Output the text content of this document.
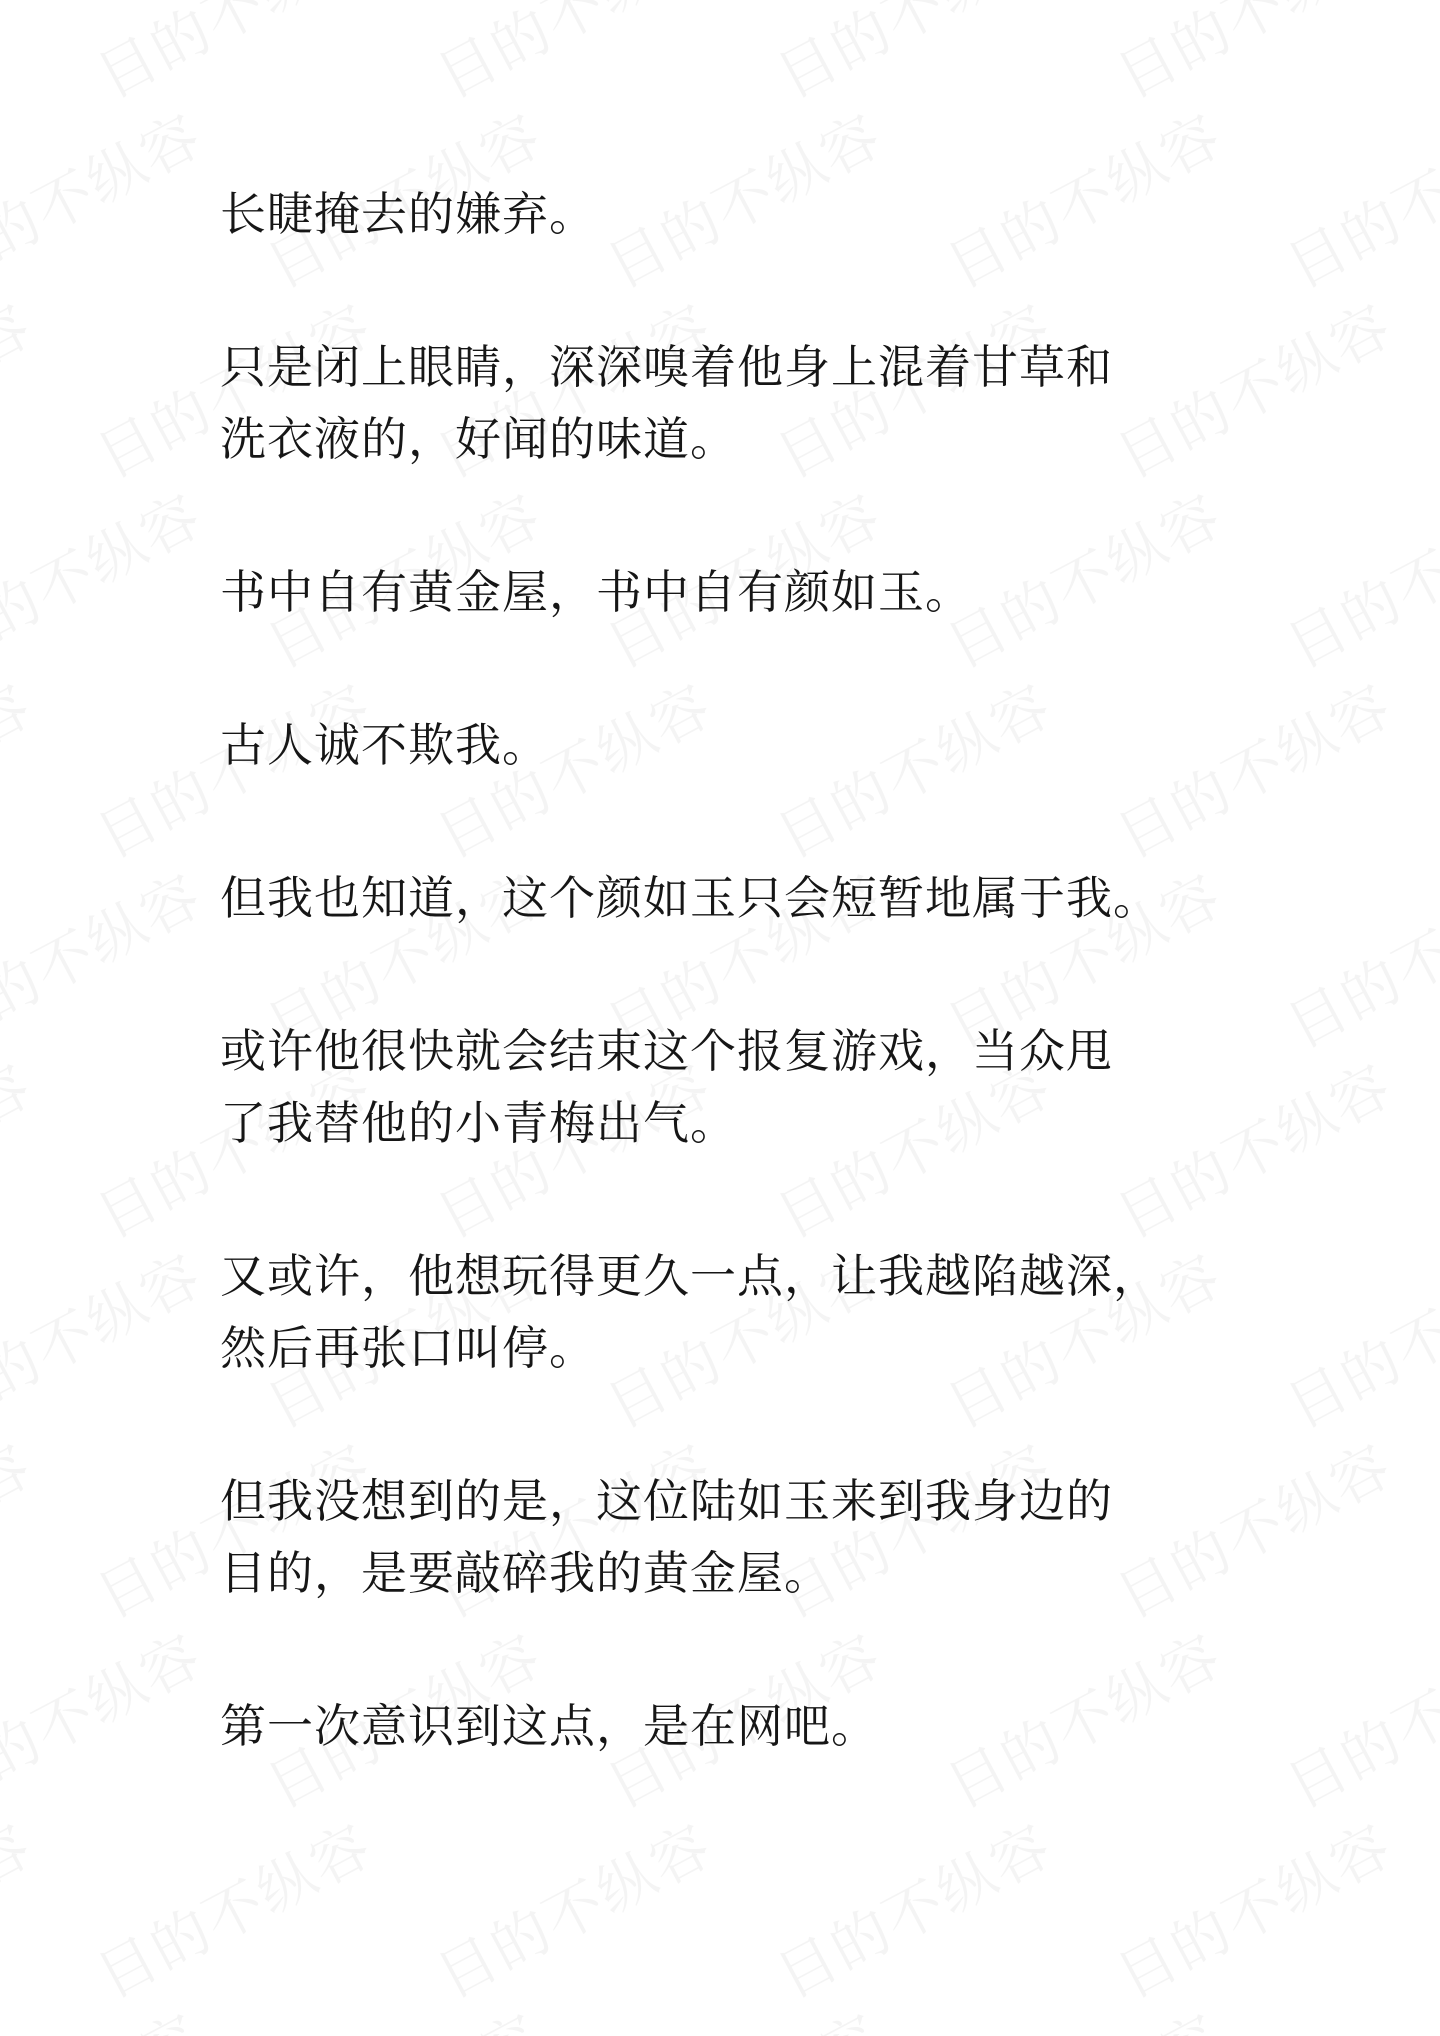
长睫掩去的嫌弃。

只是闭上眼睛，深深嗅着他身上混着甘草和
洗衣液的，好闻的味道。

书中自有黄金屋，书中自有颜如玉。

古人诚不欺我。

但我也知道，这个颜如玉只会短暂地属于我。

或许他很快就会结束这个报复游戏，当众甩
了我替他的小青梅出气。

又或许，他想玩得更久一点，让我越陷越深，
然后再张口叫停。

但我没想到的是，这位陆如玉来到我身边的
目的，是要敲碎我的黄金屋。

第一次意识到这点，是在网吧。
